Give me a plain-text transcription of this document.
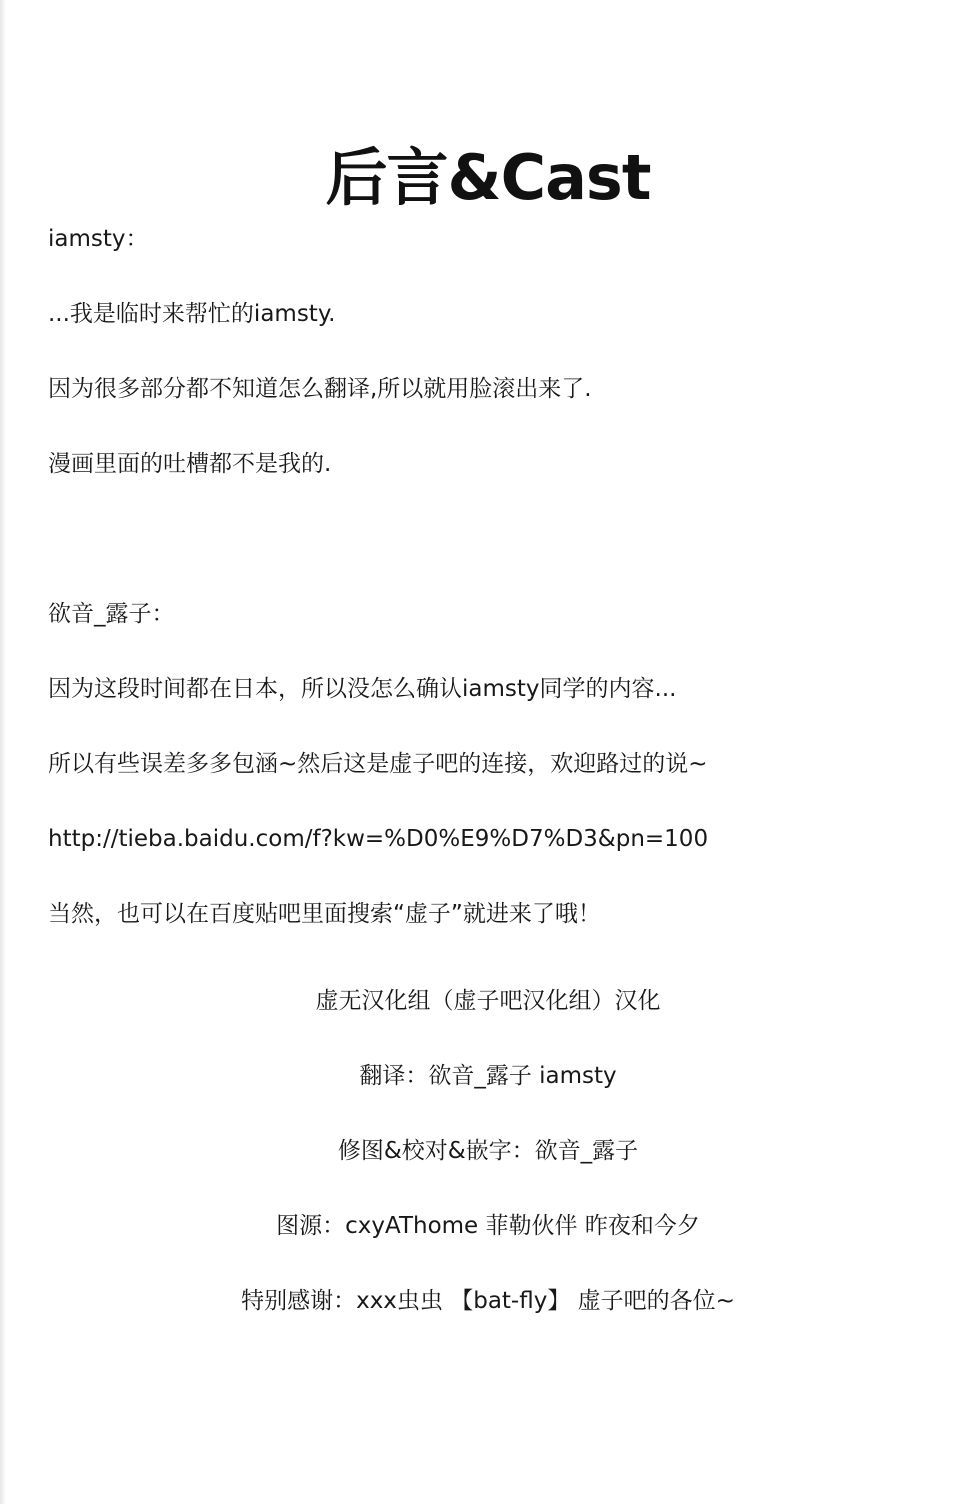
后言&Cast
iamsty：
...我是临时来帮忙的iamsty.
因为很多部分都不知道怎么翻译,所以就用脸滚出来了.
漫画里面的吐槽都不是我的.
欲音_露子：
因为这段时间都在日本，所以没怎么确认iamsty同学的内容...
所以有些误差多多包涵~然后这是虚子吧的连接，欢迎路过的说~
http://tieba.baidu.com/f?kw=%D0%E9%D7%D3&pn=100
当然，也可以在百度贴吧里面搜索“虚子”就进来了哦！
虚无汉化组（虚子吧汉化组）汉化
翻译：欲音_露子 iamsty
修图&校对&嵌字：欲音_露子
图源：cxyAThome 菲勒伙伴 昨夜和今夕
特别感谢：xxx虫虫 【bat-fly】 虚子吧的各位~
